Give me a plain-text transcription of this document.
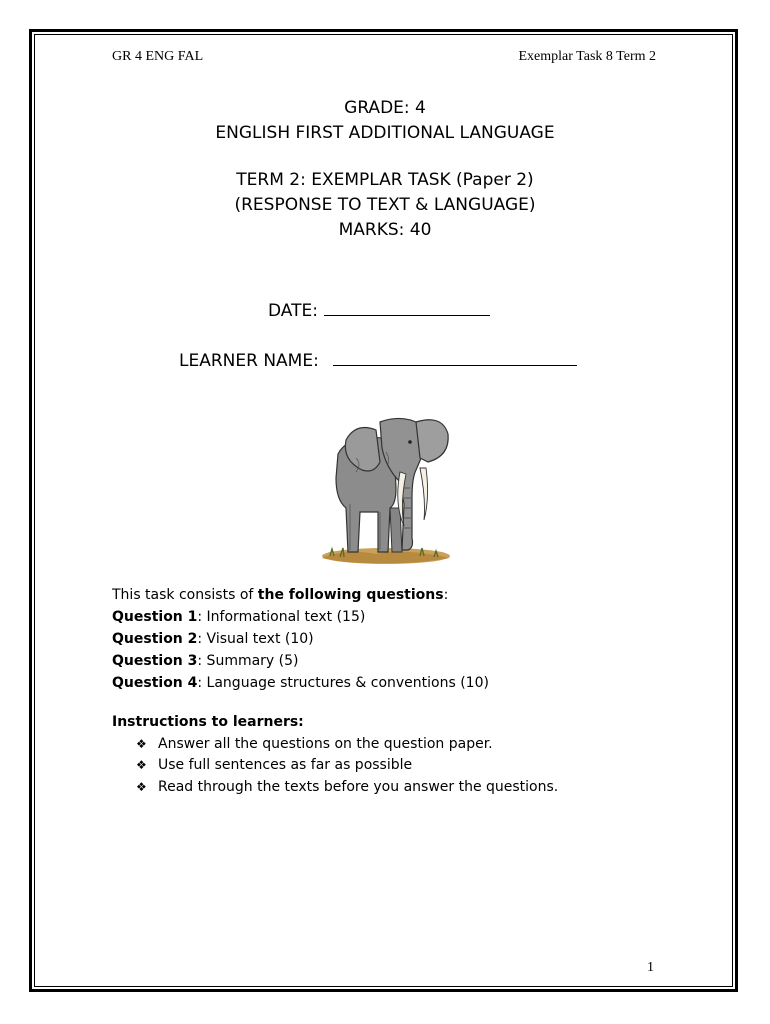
GR 4 ENG FAL	Exemplar Task 8 Term 2
GRADE: 4
ENGLISH FIRST ADDITIONAL LANGUAGE
TERM 2: EXEMPLAR TASK (Paper 2)
(RESPONSE TO TEXT & LANGUAGE)
MARKS: 40
DATE:
LEARNER NAME:
This task consists of the following questions:
Question 1: Informational text (15)
Question 2: Visual text (10)
Question 3: Summary (5)
Question 4: Language structures & conventions (10)
Instructions to learners:
❖ Answer all the questions on the question paper.
❖ Use full sentences as far as possible
❖ Read through the texts before you answer the questions.
1
